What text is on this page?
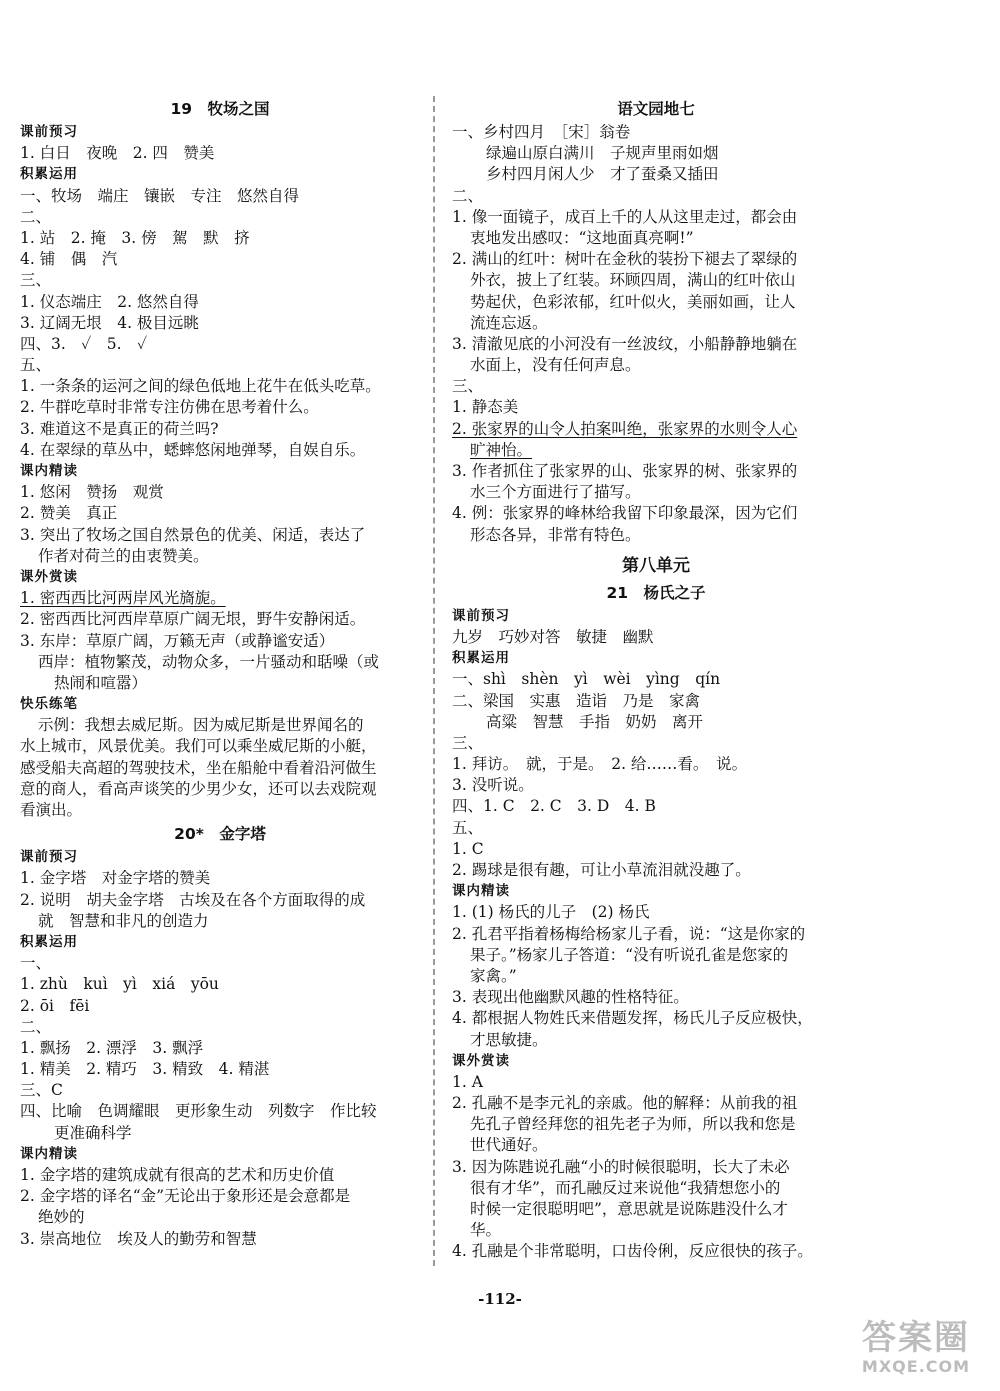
19　牧场之国
课前预习
1. 白日　夜晚　2. 四　赞美
积累运用
一、牧场　端庄　镶嵌　专注　悠然自得
二、
1. 站　2. 掩　3. 傍　駕　默　挤
4. 铺　偶　汽
三、
1. 仪态端庄　2. 悠然自得
3. 辽阔无垠　4. 极目远眺
四、3.　✓　5.　✓
五、
1. 一条条的运河之间的绿色低地上花牛在低头吃草。
2. 牛群吃草时非常专注仿佛在思考着什么。
3. 难道这不是真正的荷兰吗?
4. 在翠绿的草丛中，蟋蟀悠闲地弹琴，自娱自乐。
课内精读
1. 悠闲　赞扬　观赏
2. 赞美　真正
3. 突出了牧场之国自然景色的优美、闲适，表达了
作者对荷兰的由衷赞美。
课外赏读
1. 密西西比河两岸风光旖旎。
2. 密西西比河西岸草原广阔无垠，野牛安静闲适。
3. 东岸：草原广阔，万籁无声（或静谧安适）
西岸：植物繁茂，动物众多，一片骚动和聒噪（或
热闹和喧嚣）
快乐练笔
示例：我想去威尼斯。因为威尼斯是世界闻名的
水上城市，风景优美。我们可以乘坐威尼斯的小艇，
感受船夫高超的驾驶技术，坐在船舱中看着沿河做生
意的商人，看高声谈笑的少男少女，还可以去戏院观
看演出。
20*　金字塔
课前预习
1. 金字塔　对金字塔的赞美
2. 说明　胡夫金字塔　古埃及在各个方面取得的成
就　智慧和非凡的创造力
积累运用
一、
1. zhù　kuì　yì　xiá　yōu
2. ōi　fēi
二、
1. 飘扬　2. 漂浮　3. 飘浮
1. 精美　2. 精巧　3. 精致　4. 精湛
三、C
四、比喻　色调耀眼　更形象生动　列数字　作比较
更准确科学
课内精读
1. 金字塔的建筑成就有很高的艺术和历史价值
2. 金字塔的译名“金”无论出于象形还是会意都是
绝妙的
3. 崇高地位　埃及人的勤劳和智慧
语文园地七
一、乡村四月　［宋］翁卷
绿遍山原白满川　子规声里雨如烟
乡村四月闲人少　才了蚕桑又插田
二、
1. 像一面镜子，成百上千的人从这里走过，都会由
衷地发出感叹：“这地面真亮啊!”
2. 满山的红叶：树叶在金秋的装扮下褪去了翠绿的
外衣，披上了红装。环顾四周，满山的红叶依山
势起伏，色彩浓郁，红叶似火，美丽如画，让人
流连忘返。
3. 清澈见底的小河没有一丝波纹，小船静静地躺在
水面上，没有任何声息。
三、
1. 静态美
2. 张家界的山令人拍案叫绝，张家界的水则令人心
旷神怡。
3. 作者抓住了张家界的山、张家界的树、张家界的
水三个方面进行了描写。
4. 例：张家界的峰林给我留下印象最深，因为它们
形态各异，非常有特色。
第八单元
21　杨氏之子
课前预习
九岁　巧妙对答　敏捷　幽默
积累运用
一、shì　shèn　yì　wèi　yìng　qín
二、梁国　实惠　造诣　乃是　家禽
高粱　智慧　手指　奶奶　离开
三、
1. 拜访。　就，于是。　2. 给……看。　说。
3. 没听说。
四、1. C　2. C　3. D　4. B
五、
1. C
2. 踢球是很有趣，可让小草流泪就没趣了。
课内精读
1. (1) 杨氏的儿子　(2) 杨氏
2. 孔君平指着杨梅给杨家儿子看，说：“这是你家的
果子。”杨家儿子答道：“没有听说孔雀是您家的
家禽。”
3. 表现出他幽默风趣的性格特征。
4. 都根据人物姓氏来借题发挥，杨氏儿子反应极快，
才思敏捷。
课外赏读
1. A
2. 孔融不是李元礼的亲戚。他的解释：从前我的祖
先孔子曾经拜您的祖先老子为师，所以我和您是
世代通好。
3. 因为陈韪说孔融“小的时候很聪明，长大了未必
很有才华”，而孔融反过来说他“我猜想您小的
时候一定很聪明吧”，意思就是说陈韪没什么才
华。
4. 孔融是个非常聪明，口齿伶俐，反应很快的孩子。
-112-
答案圈
MXQE.COM
